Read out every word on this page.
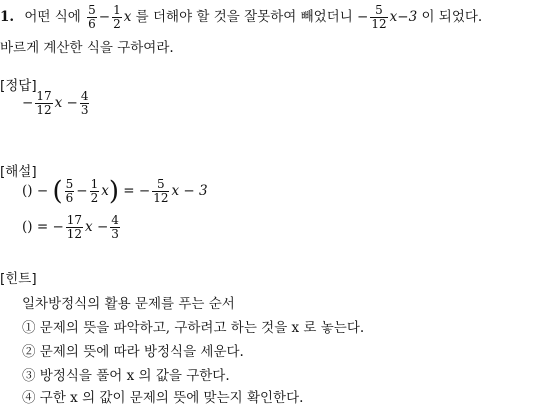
1. 어떤 식에 $\frac{5}{6} - \frac{1}{2}$ x 를 더해야 할 것을 잘못하여 빼었더니 − $\frac{5}{12} x-3$ 이 되었다.
바르게 계산한 식을 구하여라.
[정답]
− $\frac{17}{12}$ $x - \frac{4}{3}$
[해설]
() − ( $\frac{5}{6} - \frac{1}{2} x$) = − $\frac{5}{12}$ x − 3
() = − $\frac{17}{12}$ $x - \frac{4}{3}$
[힌트]
일차방정식의 활용 문제를 푸는 순서
① 문제의 뜻을 파악하고, 구하려고 하는 것을 x 로 놓는다.
② 문제의 뜻에 따라 방정식을 세운다.
③ 방정식을 풀어 x 의 값을 구한다.
④ 구한 x 의 값이 문제의 뜻에 맞는지 확인한다.
